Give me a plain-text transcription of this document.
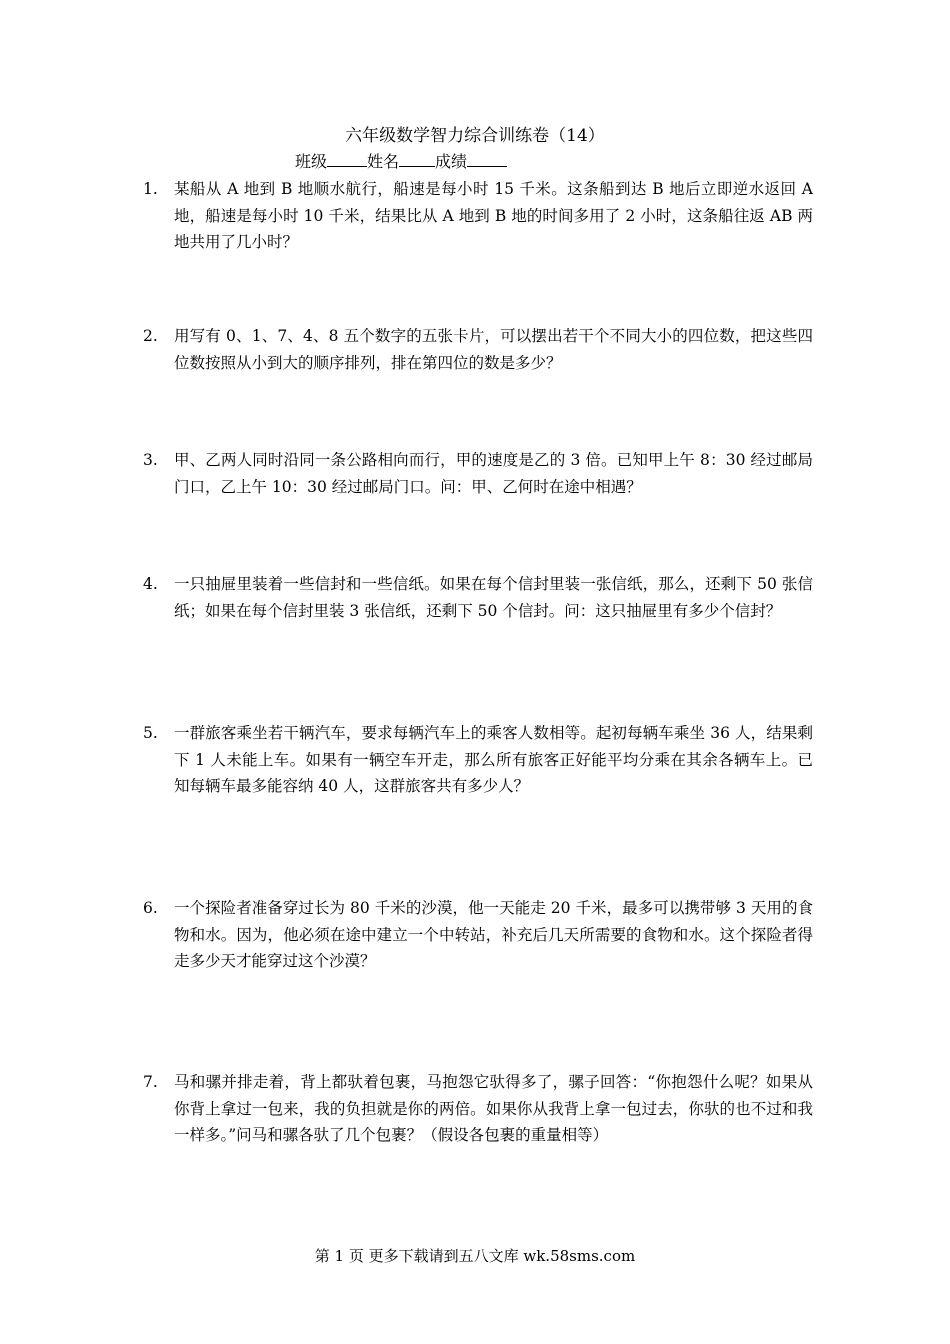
六年级数学智力综合训练卷（14）
班级	姓名 成绩
1.	某船从 A 地到 B 地顺水航行，船速是每小时 15 千米。这条船到达 B 地后立即逆水返回 A 地，船速是每小时 10 千米，结果比从 A 地到 B 地的时间多用了 2 小时，这条船往返 AB 两地共用了几小时？
2.	用写有 0、1、7、4、8 五个数字的五张卡片，可以摆出若干个不同大小的四位数，把这些四位数按照从小到大的顺序排列，排在第四位的数是多少？
3.	甲、乙两人同时沿同一条公路相向而行，甲的速度是乙的 3 倍。已知甲上午 8：30 经过邮局门口，乙上午 10：30 经过邮局门口。问：甲、乙何时在途中相遇？
4.	一只抽屉里装着一些信封和一些信纸。如果在每个信封里装一张信纸，那么，还剩下 50 张信纸；如果在每个信封里装 3 张信纸，还剩下 50 个信封。问：这只抽屉里有多少个信封？
5.	一群旅客乘坐若干辆汽车，要求每辆汽车上的乘客人数相等。起初每辆车乘坐 36 人，结果剩下 1 人未能上车。如果有一辆空车开走，那么所有旅客正好能平均分乘在其余各辆车上。已知每辆车最多能容纳 40 人，这群旅客共有多少人？
6.	一个探险者准备穿过长为 80 千米的沙漠，他一天能走 20 千米，最多可以携带够 3 天用的食物和水。因为，他必须在途中建立一个中转站，补充后几天所需要的食物和水。这个探险者得走多少天才能穿过这个沙漠？
7.	马和骡并排走着，背上都驮着包裹，马抱怨它驮得多了，骡子回答：“你抱怨什么呢？如果从你背上拿过一包来，我的负担就是你的两倍。如果你从我背上拿一包过去，你驮的也不过和我一样多。”问马和骡各驮了几个包裹？（假设各包裹的重量相等）
第 1 页 更多下载请到五八文库 wk.58sms.com
